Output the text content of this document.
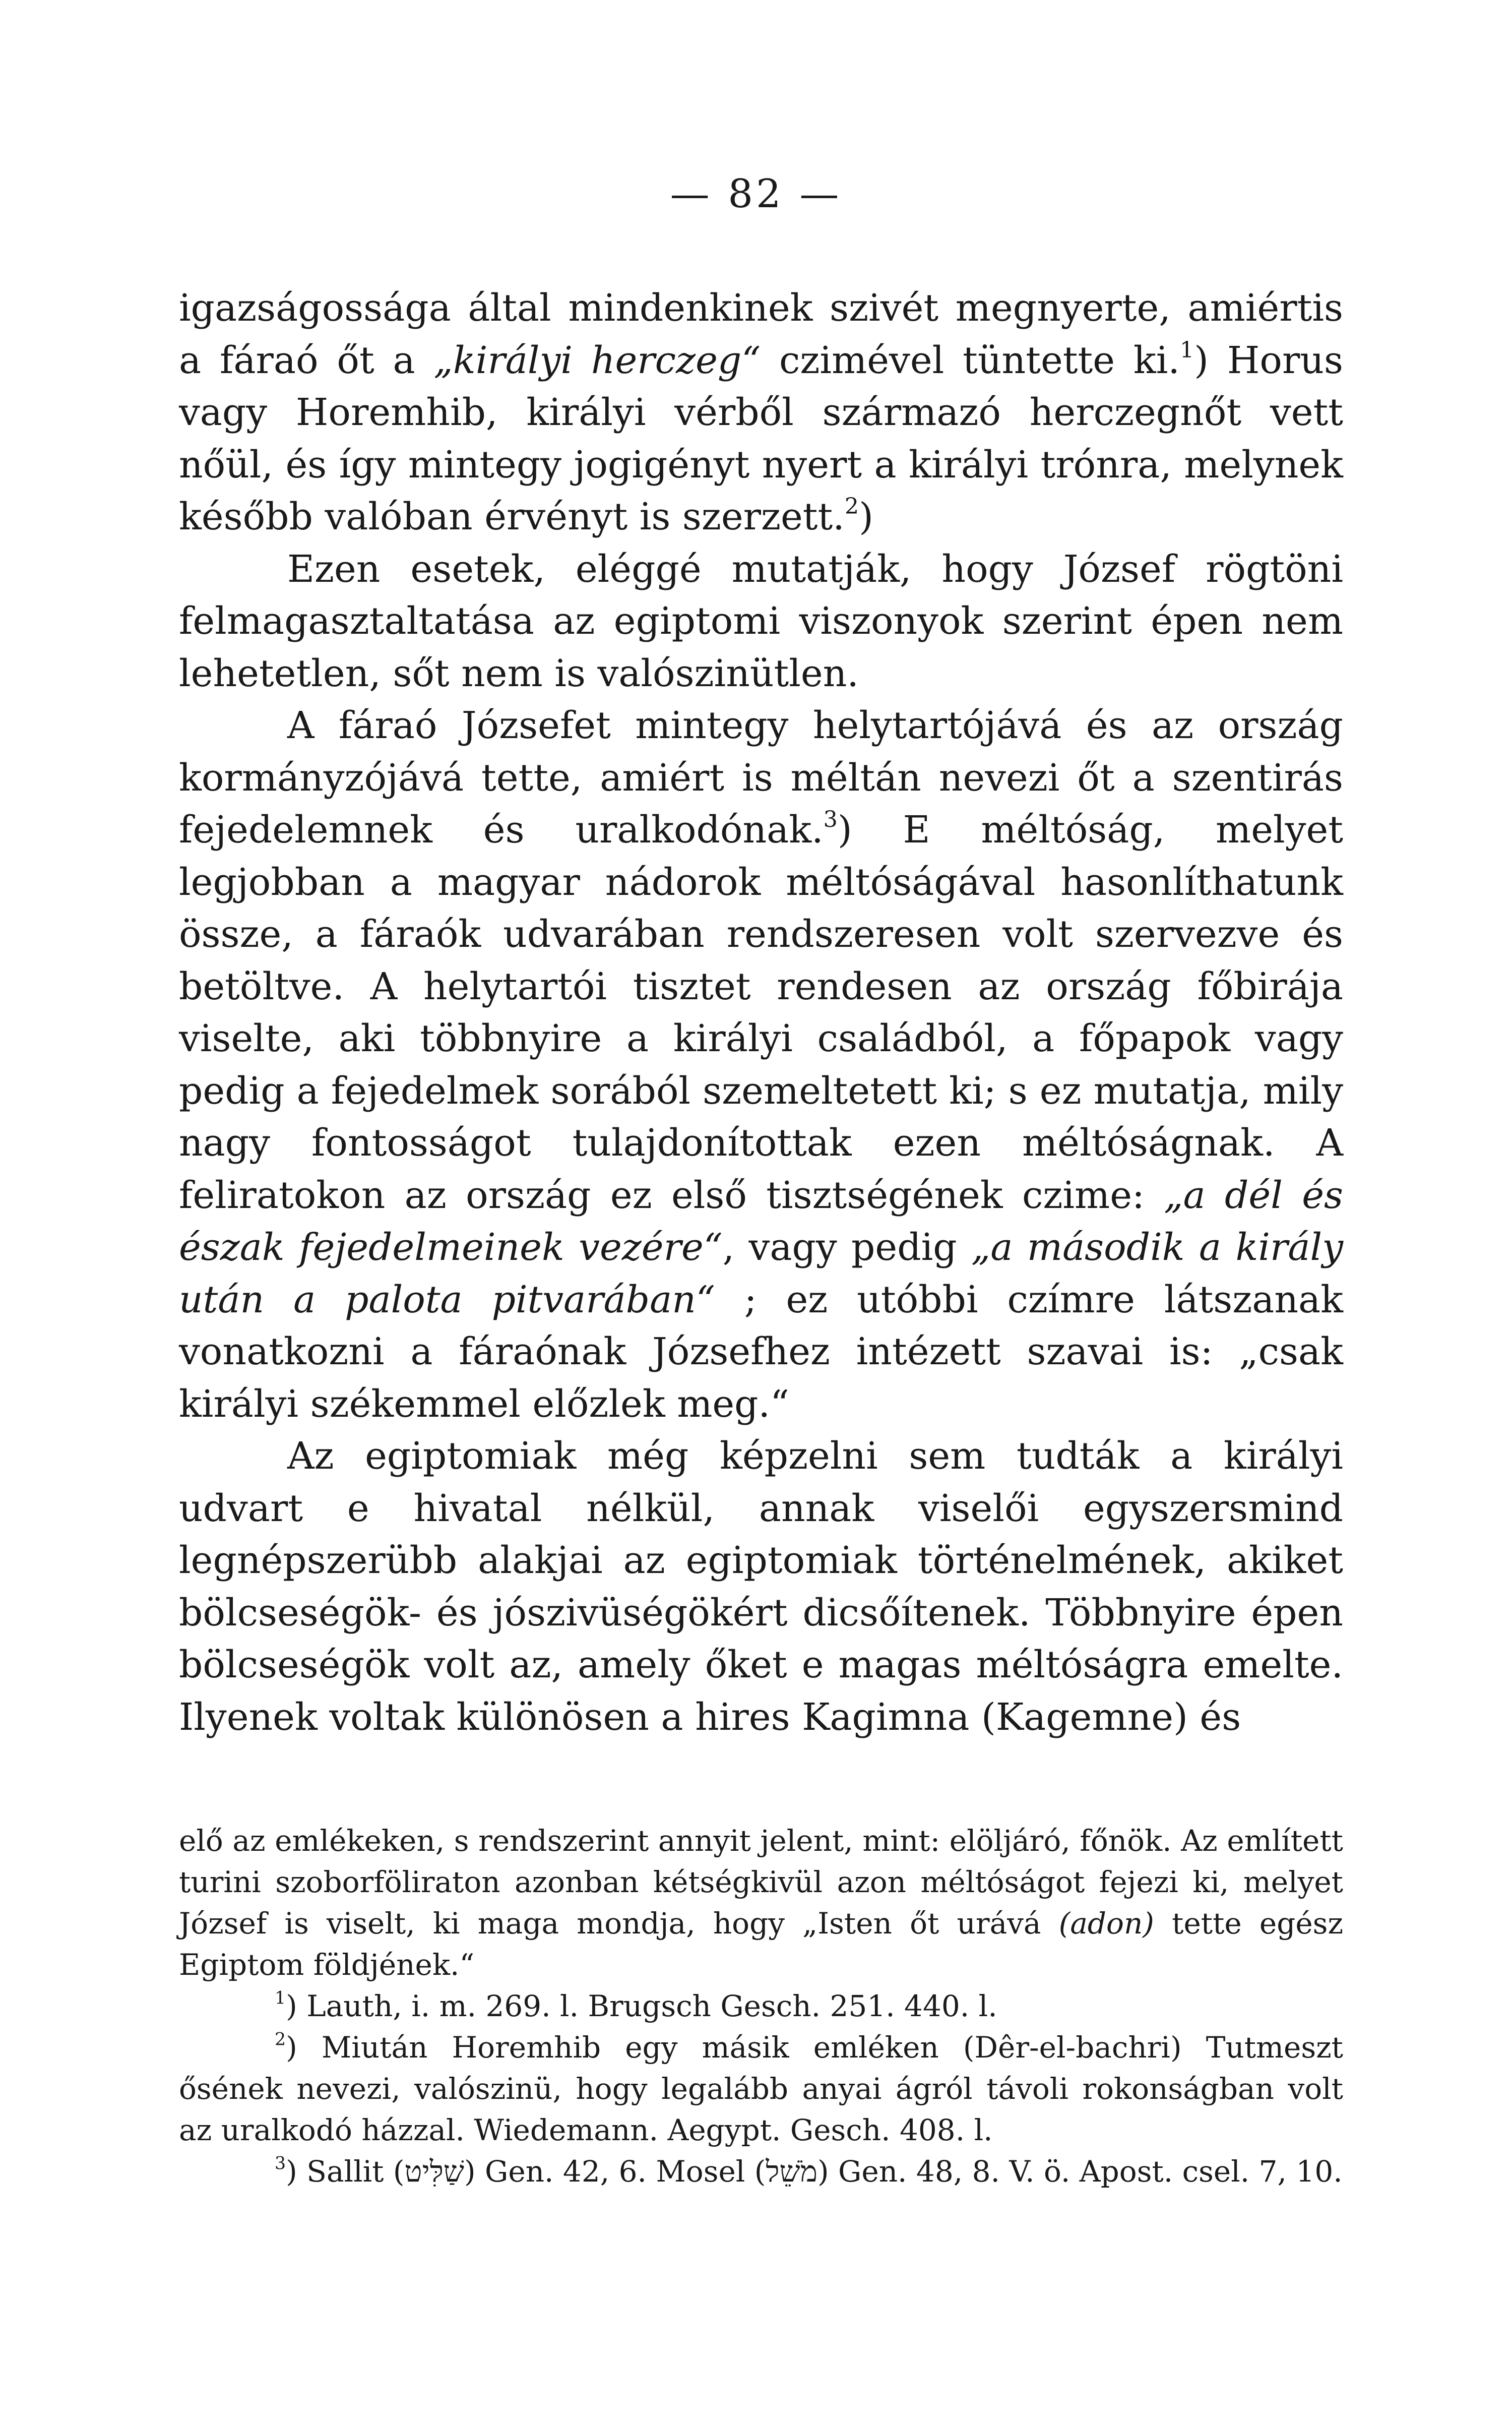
— 82 —

igazságossága által mindenkinek szivét megnyerte, amiértis a fáraó őt a „királyi herczeg“ czimével tüntette ki.$^1$) Horus vagy Horemhib, királyi vérből származó herczegnőt vett nőül, és így mintegy jogigényt nyert a királyi trónra, melynek később valóban érvényt is szerzett.$^2$)

Ezen esetek, eléggé mutatják, hogy József rögtöni felmagasztaltatása az egiptomi viszonyok szerint épen nem lehetetlen, sőt nem is valószinütlen.

A fáraó Józsefet mintegy helytartójává és az ország kormányzójává tette, amiért is méltán nevezi őt a szentirás fejedelemnek és uralkodónak.$^3$) E méltóság, melyet legjobban a magyar nádorok méltóságával hasonlíthatunk össze, a fáraók udvarában rendszeresen volt szervezve és betöltve. A helytartói tisztet rendesen az ország főbirája viselte, aki többnyire a királyi családból, a főpapok vagy pedig a fejedelmek sorából szemeltetett ki; s ez mutatja, mily nagy fontosságot tulajdonítottak ezen méltóságnak. A feliratokon az ország ez első tisztségének czime: „a dél és észak fejedelmeinek vezére“, vagy pedig „a második a király után a palota pitvarában“ ; ez utóbbi czímre látszanak vonatkozni a fáraónak Józsefhez intézett szavai is: „csak királyi székemmel előzlek meg.“

Az egiptomiak még képzelni sem tudták a királyi udvart e hivatal nélkül, annak viselői egyszersmind legnépszerübb alakjai az egiptomiak történelmének, akiket bölcseségök- és jószivüségökért dicsőítenek. Többnyire épen bölcseségök volt az, amely őket e magas méltóságra emelte. Ilyenek voltak különösen a hires Kagimna (Kagemne) és

elő az emlékeken, s rendszerint annyit jelent, mint: elöljáró, főnök. Az említett turini szoborfölirаton azonban kétségkivül azon méltóságot fejezi ki, melyet József is viselt, ki maga mondja, hogy „Isten őt urává (adon) tette egész Egiptom földjének.“

$^1$) Lauth, i. m. 269. l. Brugsch Gesch. 251. 440. l.

$^2$) Miután Horemhib egy másik emléken (Dêr-el-bachri) Tutmeszt ősének nevezi, valószinü, hogy legalább anyai ágról távoli rokonságban volt az uralkodó házzal. Wiedemann. Aegypt. Gesch. 408. l.

$^3$) Sallit (שַׁלִּיט) Gen. 42, 6. Mosel (מֹשֵׁל) Gen. 48, 8. V. ö. Apost. csel. 7, 10.
